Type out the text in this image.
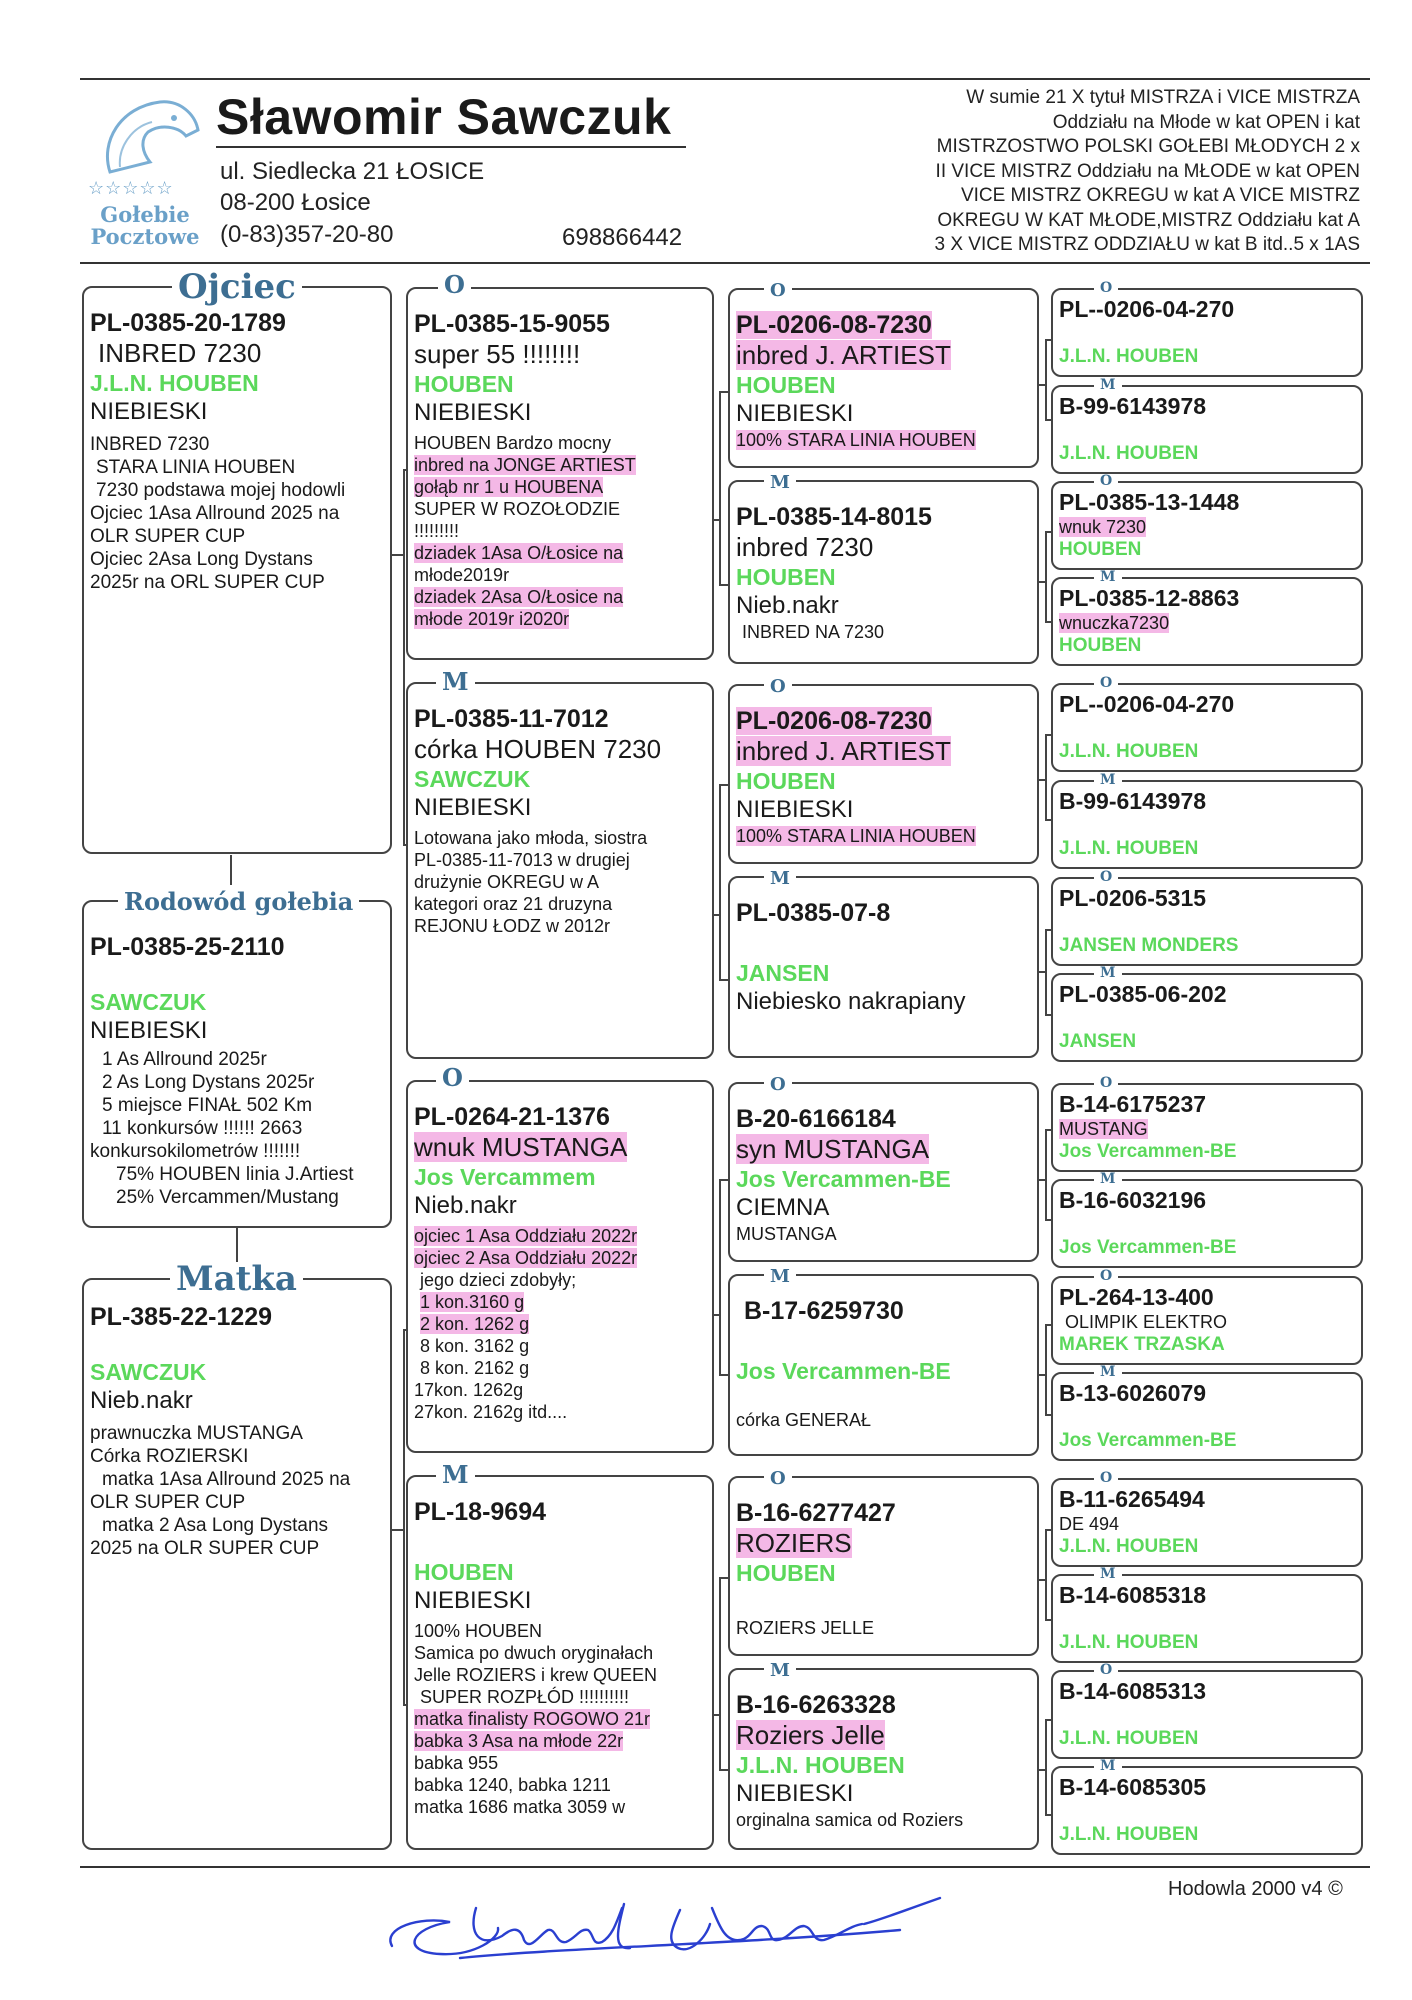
☆☆☆☆☆
Gołebie
Pocztowe
Sławomir Sawczuk
ul. Siedlecka 21 ŁOSICE
08-200 Łosice
(0-83)357-20-80	698866442
W sumie 21 X tytuł MISTRZA i VICE MISTRZA
Oddziału na Młode w kat OPEN i kat
MISTRZOSTWO POLSKI GOŁEBI MŁODYCH 2 x
II VICE MISTRZ Oddziału na MŁODE w kat OPEN
VICE MISTRZ OKREGU w kat A VICE MISTRZ
OKREGU W KAT MŁODE,MISTRZ Oddziału kat A
3 X VICE MISTRZ ODDZIAŁU w kat B itd..5 x 1AS
PL-0385-20-1789
INBRED 7230
J.L.N. HOUBEN
NIEBIESKI
INBRED 7230
STARA LINIA HOUBEN
7230 podstawa mojej hodowli
Ojciec 1Asa Allround 2025 na
OLR SUPER CUP
Ojciec 2Asa Long Dystans
2025r na ORL SUPER CUP
Ojciec
PL-0385-25-2110
SAWCZUK
NIEBIESKI
1 As Allround 2025r
2 As Long Dystans 2025r
5 miejsce FINAŁ 502 Km
11 konkursów !!!!!! 2663
konkursokilometrów !!!!!!!
75% HOUBEN linia J.Artiest
25% Vercammen/Mustang
Rodowód gołebia
PL-385-22-1229
SAWCZUK
Nieb.nakr
prawnuczka MUSTANGA
Córka ROZIERSKI
matka 1Asa Allround 2025 na
OLR SUPER CUP
matka 2 Asa Long Dystans
2025 na OLR SUPER CUP
Matka
PL-0385-15-9055
super 55 !!!!!!!!
HOUBEN
NIEBIESKI
HOUBEN Bardzo mocny
inbred na JONGE ARTIEST
gołąb nr 1 u HOUBENA
SUPER W ROZOŁODZIE
!!!!!!!!!
dziadek 1Asa O/Łosice na
młode2019r
dziadek 2Asa O/Łosice na
młode 2019r i2020r
O
PL-0385-11-7012
córka HOUBEN 7230
SAWCZUK
NIEBIESKI
Lotowana jako młoda, siostra
PL-0385-11-7013 w drugiej
drużynie OKREGU w A
kategori oraz 21 druzyna
REJONU ŁODZ w 2012r
M
PL-0264-21-1376
wnuk MUSTANGA
Jos Vercammem
Nieb.nakr
ojciec 1 Asa Oddziału 2022r
ojciec 2 Asa Oddziału 2022r
jego dzieci zdobyły;
1 kon.3160 g
2 kon. 1262 g
8 kon. 3162 g
8 kon. 2162 g
17kon. 1262g
27kon. 2162g itd....
O
PL-18-9694
HOUBEN
NIEBIESKI
100% HOUBEN
Samica po dwuch oryginałach
Jelle ROZIERS i krew QUEEN
SUPER ROZPŁÓD !!!!!!!!!!
matka finalisty ROGOWO 21r
babka 3 Asa na młode 22r
babka 955
babka 1240, babka 1211
matka 1686 matka 3059 w
M
PL-0206-08-7230
inbred J. ARTIEST
HOUBEN
NIEBIESKI
100% STARA LINIA HOUBEN
O
PL-0385-14-8015
inbred 7230
HOUBEN
Nieb.nakr
INBRED NA 7230
M
PL-0206-08-7230
inbred J. ARTIEST
HOUBEN
NIEBIESKI
100% STARA LINIA HOUBEN
O
PL-0385-07-8
JANSEN
Niebiesko nakrapiany
M
B-20-6166184
syn MUSTANGA
Jos Vercammen-BE
CIEMNA
MUSTANGA
O
B-17-6259730
Jos Vercammen-BE
córka GENERAŁ
M
B-16-6277427
ROZIERS
HOUBEN
ROZIERS JELLE
O
B-16-6263328
Roziers Jelle
J.L.N. HOUBEN
NIEBIESKI
orginalna samica od Roziers
M
PL--0206-04-270
J.L.N. HOUBEN
O
B-99-6143978
J.L.N. HOUBEN
M
PL-0385-13-1448
wnuk 7230
HOUBEN
O
PL-0385-12-8863
wnuczka7230
HOUBEN
M
PL--0206-04-270
J.L.N. HOUBEN
O
B-99-6143978
J.L.N. HOUBEN
M
PL-0206-5315
JANSEN MONDERS
O
PL-0385-06-202
JANSEN
M
B-14-6175237
MUSTANG
Jos Vercammen-BE
O
B-16-6032196
Jos Vercammen-BE
M
PL-264-13-400
OLIMPIK ELEKTRO
MAREK TRZASKA
O
B-13-6026079
Jos Vercammen-BE
M
B-11-6265494
DE 494
J.L.N. HOUBEN
O
B-14-6085318
J.L.N. HOUBEN
M
B-14-6085313
J.L.N. HOUBEN
O
B-14-6085305
J.L.N. HOUBEN
M
Hodowla 2000 v4 ©
